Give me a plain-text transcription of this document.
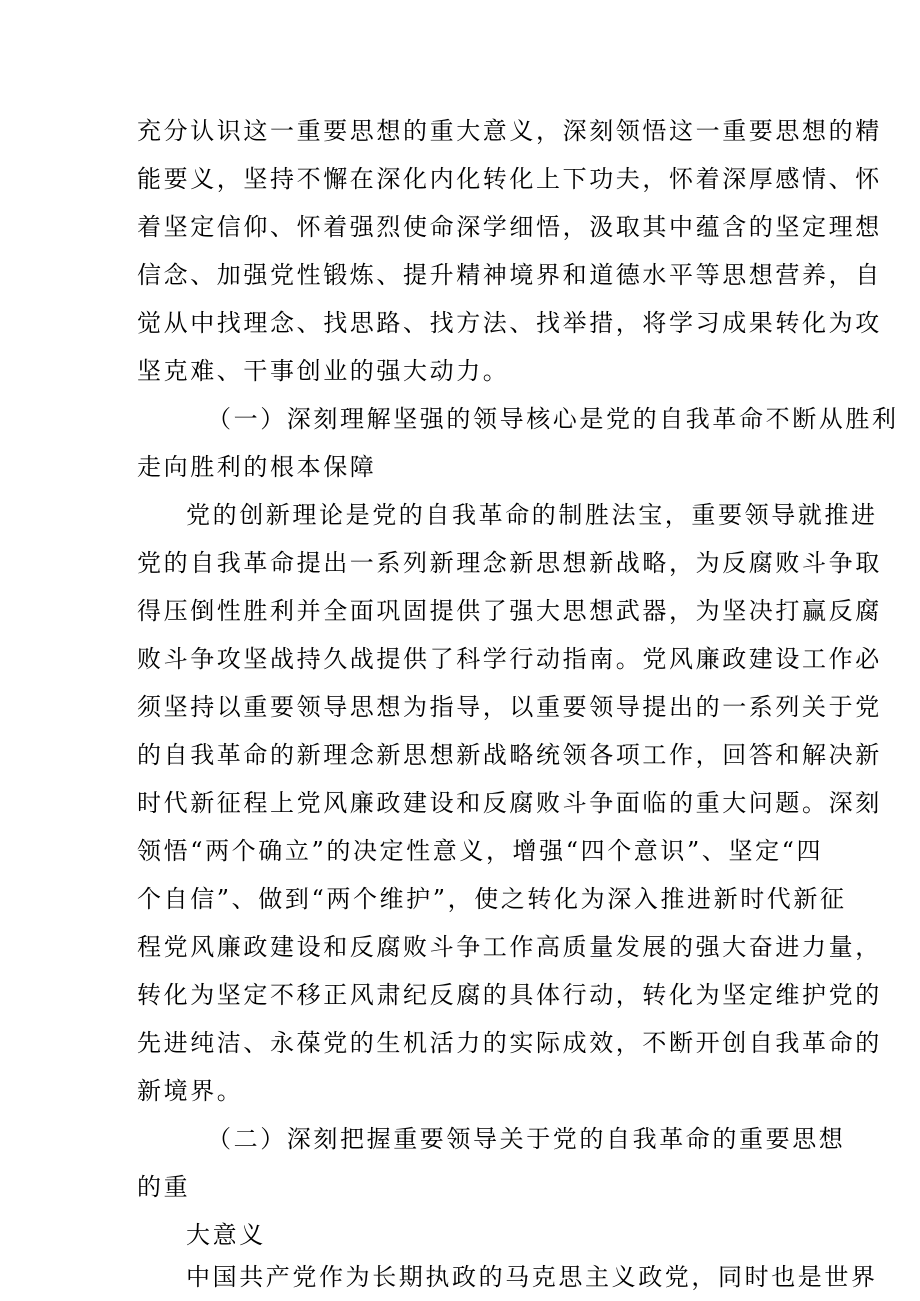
充分认识这一重要思想的重大意义，深刻领悟这一重要思想的精
能要义，坚持不懈在深化内化转化上下功夫，怀着深厚感情、怀
着坚定信仰、怀着强烈使命深学细悟，汲取其中蕴含的坚定理想
信念、加强党性锻炼、提升精神境界和道德水平等思想营养，自
觉从中找理念、找思路、找方法、找举措，将学习成果转化为攻
坚克难、干事创业的强大动力。
（一）深刻理解坚强的领导核心是党的自我革命不断从胜利
走向胜利的根本保障
党的创新理论是党的自我革命的制胜法宝，重要领导就推进
党的自我革命提出一系列新理念新思想新战略，为反腐败斗争取
得压倒性胜利并全面巩固提供了强大思想武器，为坚决打赢反腐
败斗争攻坚战持久战提供了科学行动指南。党风廉政建设工作必
须坚持以重要领导思想为指导，以重要领导提出的一系列关于党
的自我革命的新理念新思想新战略统领各项工作，回答和解决新
时代新征程上党风廉政建设和反腐败斗争面临的重大问题。深刻
领悟“两个确立”的决定性意义，增强“四个意识”、坚定“四
个自信”、做到“两个维护”，使之转化为深入推进新时代新征
程党风廉政建设和反腐败斗争工作高质量发展的强大奋进力量，
转化为坚定不移正风肃纪反腐的具体行动，转化为坚定维护党的
先进纯洁、永葆党的生机活力的实际成效，不断开创自我革命的
新境界。
（二）深刻把握重要领导关于党的自我革命的重要思想
的重
大意义
中国共产党作为长期执政的马克思主义政党，同时也是世界
